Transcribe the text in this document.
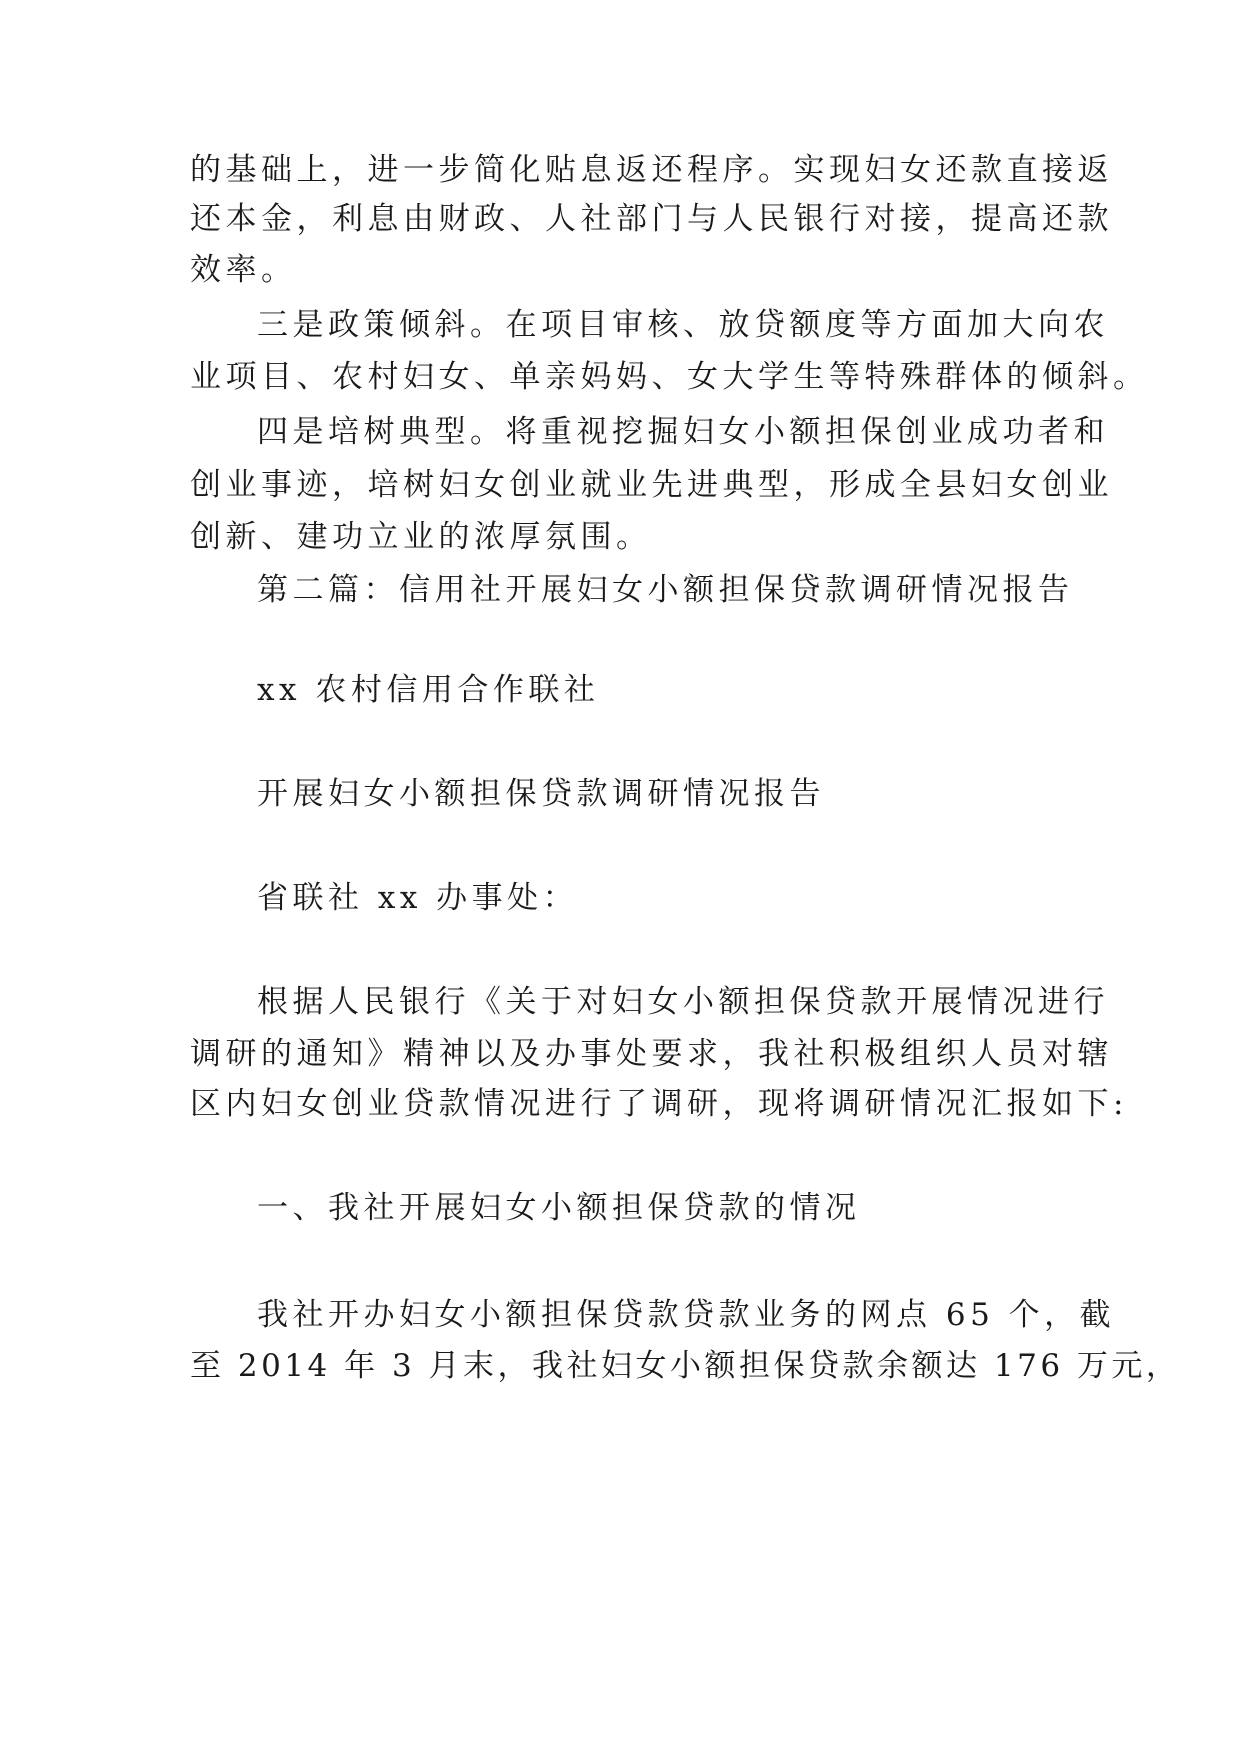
的基础上，进一步简化贴息返还程序。实现妇女还款直接返
还本金，利息由财政、人社部门与人民银行对接，提高还款
效率。
三是政策倾斜。在项目审核、放贷额度等方面加大向农
业项目、农村妇女、单亲妈妈、女大学生等特殊群体的倾斜。
四是培树典型。将重视挖掘妇女小额担保创业成功者和
创业事迹，培树妇女创业就业先进典型，形成全县妇女创业
创新、建功立业的浓厚氛围。
第二篇：信用社开展妇女小额担保贷款调研情况报告
xx 农村信用合作联社
开展妇女小额担保贷款调研情况报告
省联社 xx 办事处：
根据人民银行《关于对妇女小额担保贷款开展情况进行
调研的通知》精神以及办事处要求，我社积极组织人员对辖
区内妇女创业贷款情况进行了调研，现将调研情况汇报如下:
一、我社开展妇女小额担保贷款的情况
我社开办妇女小额担保贷款贷款业务的网点 65 个，截
至 2014 年 3 月末，我社妇女小额担保贷款余额达 176 万元，
